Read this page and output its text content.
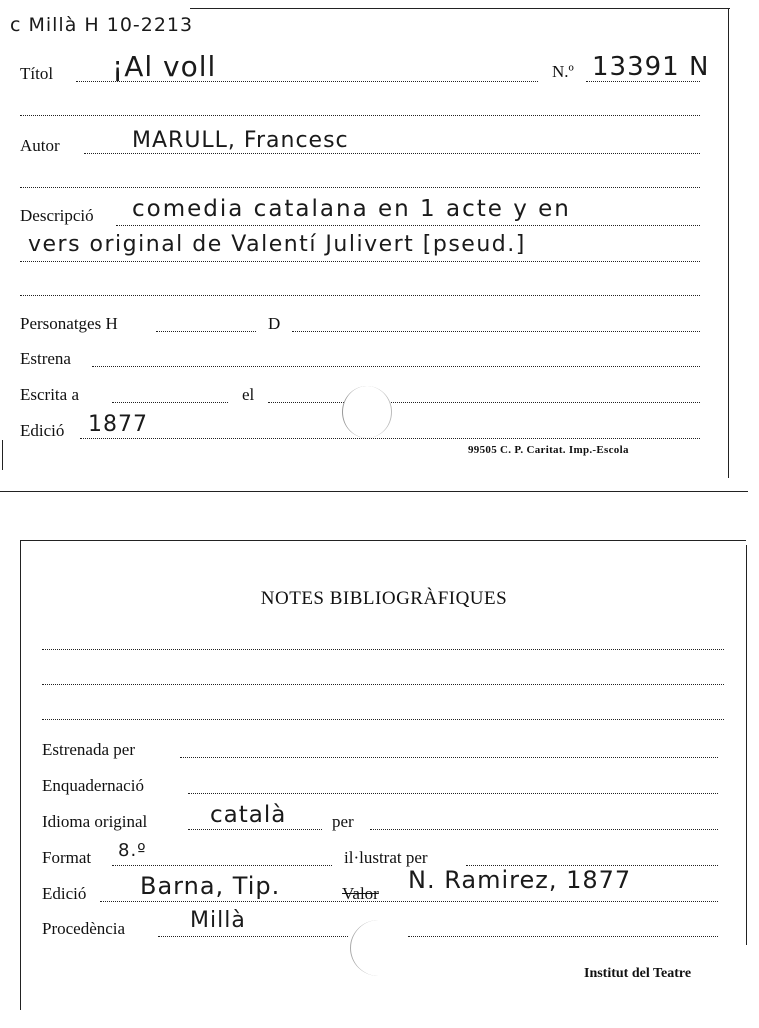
c Millà H 10-2213
Títol ¡Al voll	N.º 13391 N
Autor	MARULL, Francesc
Descripció comedia catalana en 1 acte y en
vers original de Valentí Julivert [pseud.]
Personatges H	D
Estrena
Escrita a	el
Edició 1877
99505 C. P. Caritat. Imp.-Escola
NOTES BIBLIOGRÀFIQUES
Estrenada per
Enquadernació
Idioma original	català	per
Format 8.º	il·lustrat per
Edició Barna, Tip.	Valor N. Ramirez, 1877
Procedència	Millà
Institut del Teatre
